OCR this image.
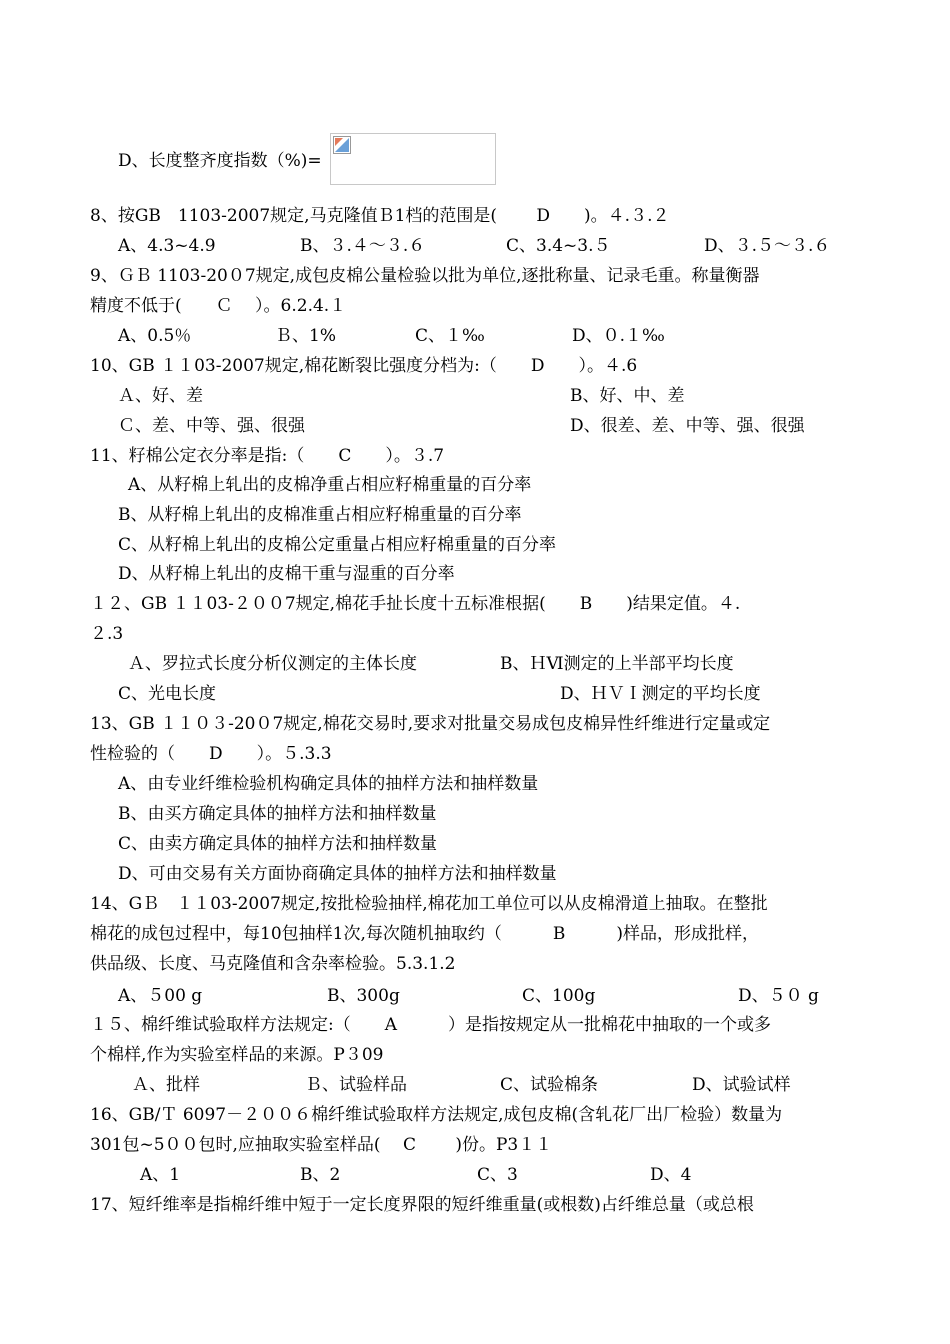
D、长度整齐度指数（%)=
8、按GB　1103-2007规定,马克隆值Ｂ1档的范围是(　　 D　　)。４.３.２
A、4.3~4.9	B、３.４～３.６	C、3.4~3.５	D、３.５～３.６
9、ＧＢ 1103-20０7规定,成包皮棉公量检验以批为单位,逐批称量、记录毛重。称量衡器
精度不低于(　　Ｃ　 ）。6.2.4.１
A、0.5％	Ｂ、1%	C、１‰	D、０.１‰
10、GB １１03-2007规定,棉花断裂比强度分档为:（　　D　　）。４.6
Ａ、好、差	B、好、中、差
Ｃ、差、中等、强、很强	D、很差、差、中等、强、很强
11、籽棉公定衣分率是指:（　　C　　）。３.7
A、从籽棉上轧出的皮棉净重占相应籽棉重量的百分率
B、从籽棉上轧出的皮棉准重占相应籽棉重量的百分率
C、从籽棉上轧出的皮棉公定重量占相应籽棉重量的百分率
D、从籽棉上轧出的皮棉干重与湿重的百分率
１２、GB １１03-２００7规定,棉花手扯长度十五标准根据(　　B　　)结果定值。４.
２.3
Ａ、罗拉式长度分析仪测定的主体长度	B、ＨⅥ测定的上半部平均长度
C、光电长度	D、ＨＶＩ测定的平均长度
13、GB １１０３-20０7规定,棉花交易时,要求对批量交易成包皮棉异性纤维进行定量或定
性检验的（　　D　　）。５.3.3
A、由专业纤维检验机构确定具体的抽样方法和抽样数量
B、由买方确定具体的抽样方法和抽样数量
C、由卖方确定具体的抽样方法和抽样数量
D、可由交易有关方面协商确定具体的抽样方法和抽样数量
14、GＢ　１１03-2007规定,按批检验抽样,棉花加工单位可以从皮棉滑道上抽取。在整批
棉花的成包过程中，每10包抽样1次,每次随机抽取约（　　　B　　　)样品，形成批样，
供品级、长度、马克隆值和含杂率检验。5.3.1.2
A、５00 g	B、300g	C、100g	D、５０ g
１５、棉纤维试验取样方法规定:（　　A　　　）是指按规定从一批棉花中抽取的一个或多
个棉样,作为实验室样品的来源。P３09
Ａ、批样	Ｂ、试验样品	C、试验棉条	D、试验试样
16、GB/Ｔ 6097－２００６棉纤维试验取样方法规定,成包皮棉(含轧花厂出厂检验）数量为
301包~5００包时,应抽取实验室样品(　 C　　 )份。P3１１
A、1	B、2	C、3	D、4
17、短纤维率是指棉纤维中短于一定长度界限的短纤维重量(或根数)占纤维总量（或总根
